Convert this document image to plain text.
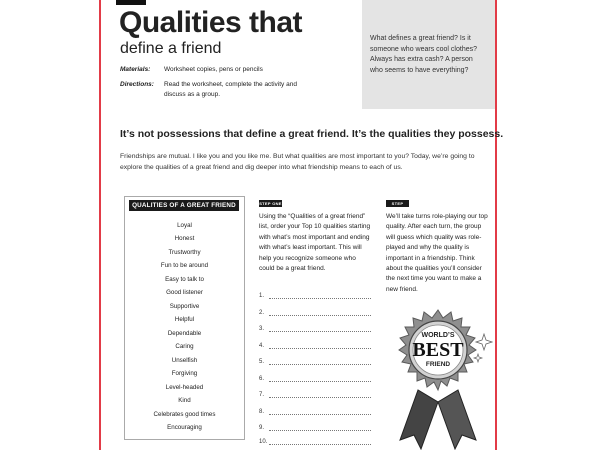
Qualities that
define a friend
Materials: Worksheet copies, pens or pencils
Directions: Read the worksheet, complete the activity and discuss as a group.
What defines a great friend? Is it someone who wears cool clothes? Always has extra cash? A person who seems to have everything?
It’s not possessions that define a great friend. It’s the qualities they possess.
Friendships are mutual. I like you and you like me. But what qualities are most important to you? Today, we’re going to explore the qualities of a great friend and dig deeper into what friendship means to each of us.
QUALITIES OF A GREAT FRIEND
Loyal
Honest
Trustworthy
Fun to be around
Easy to talk to
Good listener
Supportive
Helpful
Dependable
Caring
Unselfish
Forgiving
Level-headed
Kind
Celebrates good times
Encouraging
STEP ONE
Using the “Qualities of a great friend” list, order your Top 10 qualities starting with what’s most important and ending with what’s least important. This will help you recognize someone who could be a great friend.
1.
2.
3.
4.
5.
6.
7.
8.
9.
10.
STEP TWO
We’ll take turns role-playing our top quality. After each turn, the group will guess which quality was role-played and why the quality is important in a friendship. Think about the qualities you’ll consider the next time you want to make a new friend.
WORLD’S
BEST
FRIEND
